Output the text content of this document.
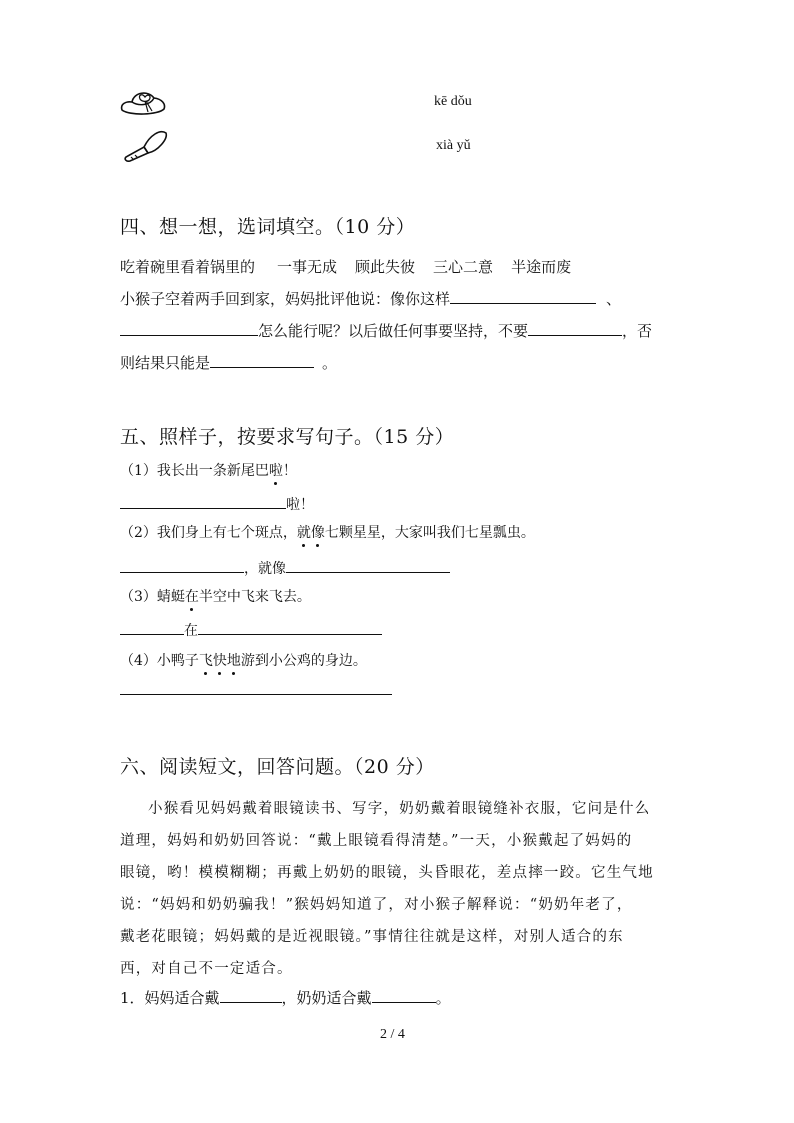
kē dǒu
xià yǔ
四、想一想，选词填空。（10 分）
吃着碗里看着锅里的 一事无成 顾此失彼 三心二意 半途而废
小猴子空着两手回到家，妈妈批评他说：像你这样	、
怎么能行呢？以后做任何事要坚持，不要	，否
则结果只能是	。
五、照样子，按要求写句子。（15 分）
（1）我长出一条新尾巴啦！
啦！
（2）我们身上有七个斑点，就像七颗星星，大家叫我们七星瓢虫。
，就像
（3）蜻蜓在半空中飞来飞去。
在
（4）小鸭子飞快地游到小公鸡的身边。
六、阅读短文，回答问题。（20 分）
小猴看见妈妈戴着眼镜读书、写字，奶奶戴着眼镜缝补衣服，它问是什么
道理，妈妈和奶奶回答说：“戴上眼镜看得清楚。”一天，小猴戴起了妈妈的
眼镜，哟！模模糊糊；再戴上奶奶的眼镜，头昏眼花，差点摔一跤。它生气地
说：“妈妈和奶奶骗我！”猴妈妈知道了，对小猴子解释说：“奶奶年老了，
戴老花眼镜；妈妈戴的是近视眼镜。”事情往往就是这样，对别人适合的东
西，对自己不一定适合。
1．妈妈适合戴	，奶奶适合戴	。
2 / 4
